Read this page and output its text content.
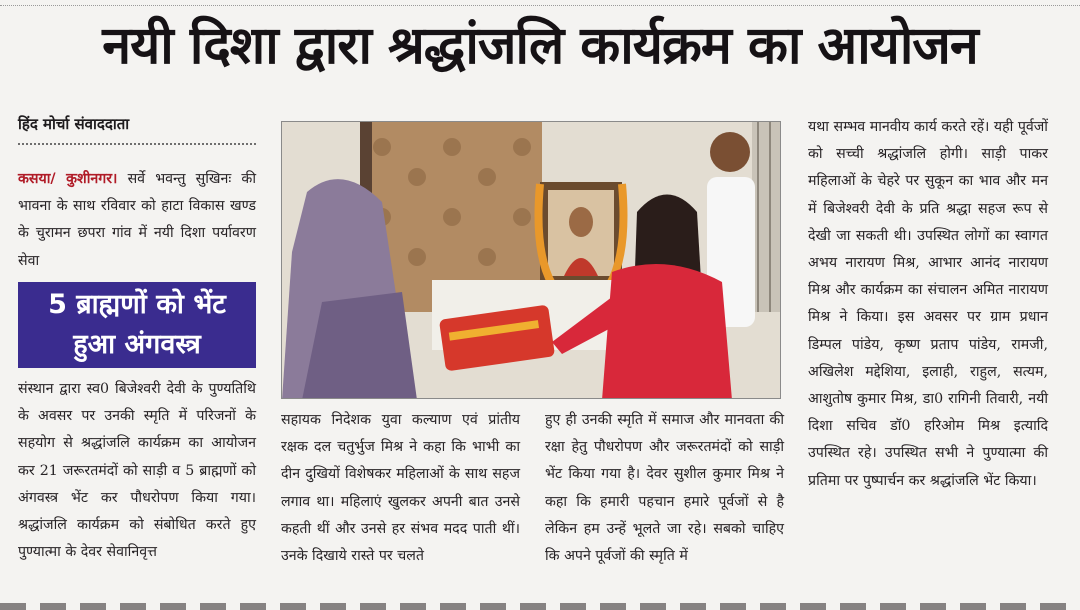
नयी दिशा द्वारा श्रद्धांजलि कार्यक्रम का आयोजन
हिंद मोर्चा संवाददाता

कसया/ कुशीनगर। सर्वे भवन्तु सुखिनः की भावना के साथ रविवार को हाटा विकास खण्ड के चुरामन छपरा गांव में नयी दिशा पर्यावरण सेवा

5 ब्राह्मणों को भेंट
हुआ अंगवस्त्र

संस्थान द्वारा स्व0 बिजेश्वरी देवी के पुण्यतिथि के अवसर पर उनकी स्मृति में परिजनों के सहयोग से श्रद्धांजलि कार्यक्रम का आयोजन कर 21 जरूरतमंदों को साड़ी व 5 ब्राह्मणों को अंगवस्त्र भेंट कर पौधरोपण किया गया। श्रद्धांजलि कार्यक्रम को संबोधित करते हुए पुण्यात्मा के देवर सेवानिवृत्त

सहायक निदेशक युवा कल्याण एवं प्रांतीय रक्षक दल चतुर्भुज मिश्र ने कहा कि भाभी का दीन दुखियों विशेषकर महिलाओं के साथ सहज लगाव था। महिलाएं खुलकर अपनी बात उनसे कहती थीं और उनसे हर संभव मदद पाती थीं। उनके दिखाये रास्ते पर चलते

हुए ही उनकी स्मृति में समाज और मानवता की रक्षा हेतु पौधरोपण और जरूरतमंदों को साड़ी भेंट किया गया है। देवर सुशील कुमार मिश्र ने कहा कि हमारी पहचान हमारे पूर्वजों से है लेकिन हम उन्हें भूलते जा रहे। सबको चाहिए कि अपने पूर्वजों की स्मृति में

यथा सम्भव मानवीय कार्य करते रहें। यही पूर्वजों को सच्ची श्रद्धांजलि होगी। साड़ी पाकर महिलाओं के चेहरे पर सुकून का भाव और मन में बिजेश्वरी देवी के प्रति श्रद्धा सहज रूप से देखी जा सकती थी। उपस्थित लोगों का स्वागत अभय नारायण मिश्र, आभार आनंद नारायण मिश्र और कार्यक्रम का संचालन अमित नारायण मिश्र ने किया। इस अवसर पर ग्राम प्रधान डिम्पल पांडेय, कृष्ण प्रताप पांडेय, रामजी, अखिलेश मद्देशिया, इलाही, राहुल, सत्यम, आशुतोष कुमार मिश्र, डा0 रागिनी तिवारी, नयी दिशा सचिव डॉ0 हरिओम मिश्र इत्यादि उपस्थित रहे। उपस्थित सभी ने पुण्यात्मा की प्रतिमा पर पुष्पार्चन कर श्रद्धांजलि भेंट किया।
